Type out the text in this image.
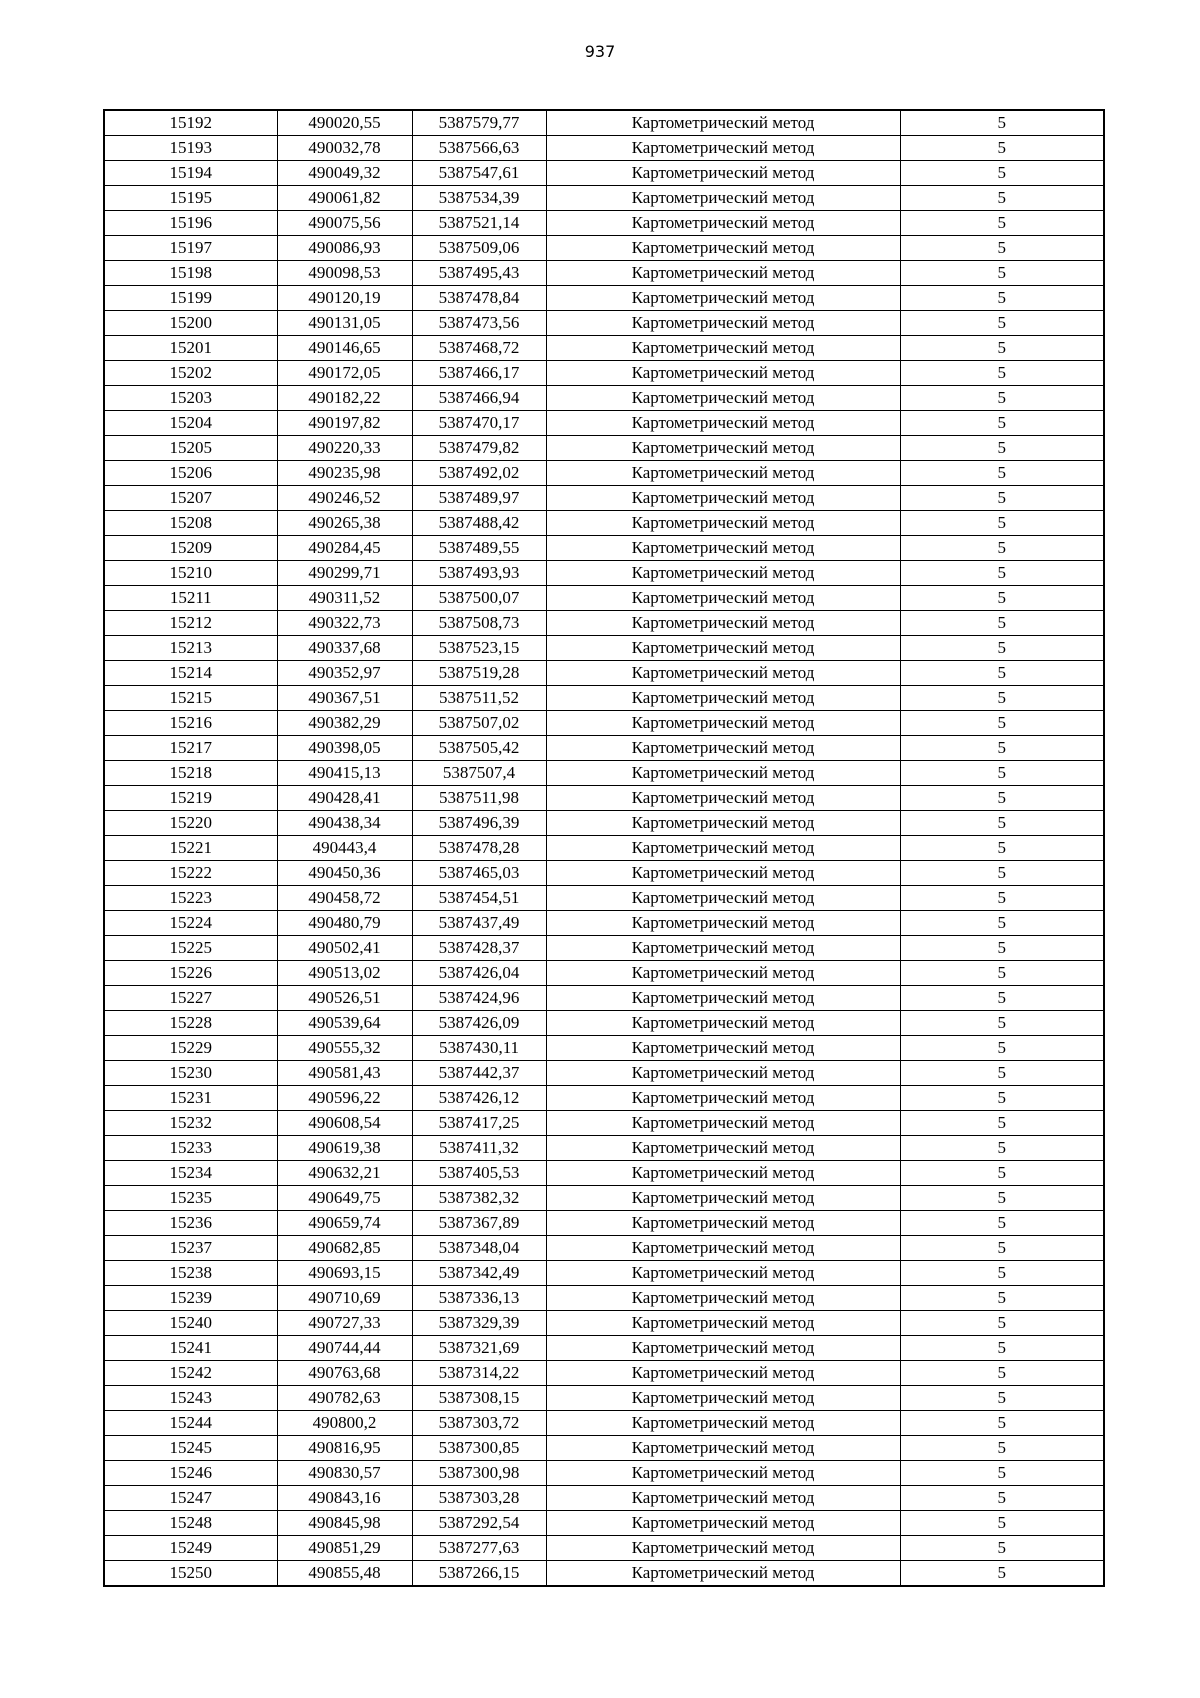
937
15192	490020,55	5387579,77	Картометрический метод	5
15193	490032,78	5387566,63	Картометрический метод	5
15194	490049,32	5387547,61	Картометрический метод	5
15195	490061,82	5387534,39	Картометрический метод	5
15196	490075,56	5387521,14	Картометрический метод	5
15197	490086,93	5387509,06	Картометрический метод	5
15198	490098,53	5387495,43	Картометрический метод	5
15199	490120,19	5387478,84	Картометрический метод	5
15200	490131,05	5387473,56	Картометрический метод	5
15201	490146,65	5387468,72	Картометрический метод	5
15202	490172,05	5387466,17	Картометрический метод	5
15203	490182,22	5387466,94	Картометрический метод	5
15204	490197,82	5387470,17	Картометрический метод	5
15205	490220,33	5387479,82	Картометрический метод	5
15206	490235,98	5387492,02	Картометрический метод	5
15207	490246,52	5387489,97	Картометрический метод	5
15208	490265,38	5387488,42	Картометрический метод	5
15209	490284,45	5387489,55	Картометрический метод	5
15210	490299,71	5387493,93	Картометрический метод	5
15211	490311,52	5387500,07	Картометрический метод	5
15212	490322,73	5387508,73	Картометрический метод	5
15213	490337,68	5387523,15	Картометрический метод	5
15214	490352,97	5387519,28	Картометрический метод	5
15215	490367,51	5387511,52	Картометрический метод	5
15216	490382,29	5387507,02	Картометрический метод	5
15217	490398,05	5387505,42	Картометрический метод	5
15218	490415,13	5387507,4	Картометрический метод	5
15219	490428,41	5387511,98	Картометрический метод	5
15220	490438,34	5387496,39	Картометрический метод	5
15221	490443,4	5387478,28	Картометрический метод	5
15222	490450,36	5387465,03	Картометрический метод	5
15223	490458,72	5387454,51	Картометрический метод	5
15224	490480,79	5387437,49	Картометрический метод	5
15225	490502,41	5387428,37	Картометрический метод	5
15226	490513,02	5387426,04	Картометрический метод	5
15227	490526,51	5387424,96	Картометрический метод	5
15228	490539,64	5387426,09	Картометрический метод	5
15229	490555,32	5387430,11	Картометрический метод	5
15230	490581,43	5387442,37	Картометрический метод	5
15231	490596,22	5387426,12	Картометрический метод	5
15232	490608,54	5387417,25	Картометрический метод	5
15233	490619,38	5387411,32	Картометрический метод	5
15234	490632,21	5387405,53	Картометрический метод	5
15235	490649,75	5387382,32	Картометрический метод	5
15236	490659,74	5387367,89	Картометрический метод	5
15237	490682,85	5387348,04	Картометрический метод	5
15238	490693,15	5387342,49	Картометрический метод	5
15239	490710,69	5387336,13	Картометрический метод	5
15240	490727,33	5387329,39	Картометрический метод	5
15241	490744,44	5387321,69	Картометрический метод	5
15242	490763,68	5387314,22	Картометрический метод	5
15243	490782,63	5387308,15	Картометрический метод	5
15244	490800,2	5387303,72	Картометрический метод	5
15245	490816,95	5387300,85	Картометрический метод	5
15246	490830,57	5387300,98	Картометрический метод	5
15247	490843,16	5387303,28	Картометрический метод	5
15248	490845,98	5387292,54	Картометрический метод	5
15249	490851,29	5387277,63	Картометрический метод	5
15250	490855,48	5387266,15	Картометрический метод	5
